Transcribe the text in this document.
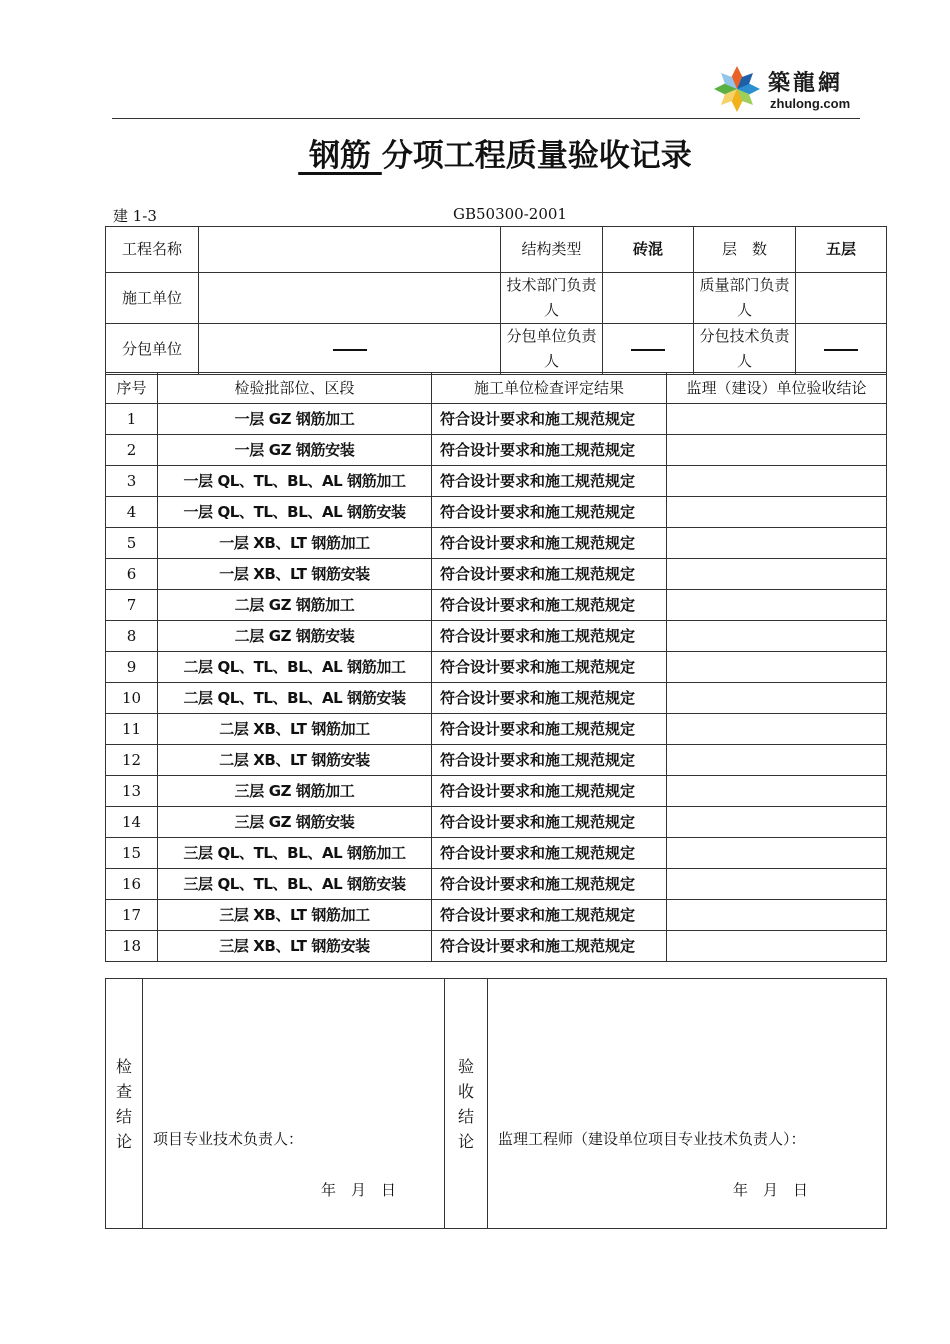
築龍網
zhulong.com
钢筋 分项工程质量验收记录
建 1-3	GB50300-2001
工程名称		结构类型	砖混	层　数	五层
施工单位		技术部门负责人		质量部门负责人	
分包单位		分包单位负责人		分包技术负责人	
序号	检验批部位、区段	施工单位检查评定结果	监理（建设）单位验收结论
1	一层 GZ 钢筋加工	符合设计要求和施工规范规定	
2	一层 GZ 钢筋安装	符合设计要求和施工规范规定	
3	一层 QL、TL、BL、AL 钢筋加工	符合设计要求和施工规范规定	
4	一层 QL、TL、BL、AL 钢筋安装	符合设计要求和施工规范规定	
5	一层 XB、LT 钢筋加工	符合设计要求和施工规范规定	
6	一层 XB、LT 钢筋安装	符合设计要求和施工规范规定	
7	二层 GZ 钢筋加工	符合设计要求和施工规范规定	
8	二层 GZ 钢筋安装	符合设计要求和施工规范规定	
9	二层 QL、TL、BL、AL 钢筋加工	符合设计要求和施工规范规定	
10	二层 QL、TL、BL、AL 钢筋安装	符合设计要求和施工规范规定	
11	二层 XB、LT 钢筋加工	符合设计要求和施工规范规定	
12	二层 XB、LT 钢筋安装	符合设计要求和施工规范规定	
13	三层 GZ 钢筋加工	符合设计要求和施工规范规定	
14	三层 GZ 钢筋安装	符合设计要求和施工规范规定	
15	三层 QL、TL、BL、AL 钢筋加工	符合设计要求和施工规范规定	
16	三层 QL、TL、BL、AL 钢筋安装	符合设计要求和施工规范规定	
17	三层 XB、LT 钢筋加工	符合设计要求和施工规范规定	
18	三层 XB、LT 钢筋安装	符合设计要求和施工规范规定	
检
查
结
论	项目专业技术负责人：
年　月　日

验
收
结
论	监理工程师（建设单位项目专业技术负责人）：
年　月　日
